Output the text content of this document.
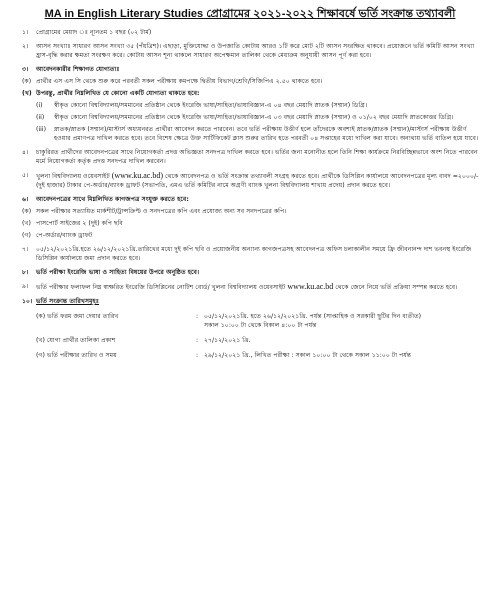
MA in English Literary Studies প্রোগ্রামের ২০২১-২০২২ শিক্ষাবর্ষে ভর্তি সংক্রান্ত তথ্যাবলী
১।	প্রোগ্রামের মেয়াদ ঃ ন্যূনতম ১ বছর (০২ টার্ম)
২।	আসন সংখ্যাঃ সাধারণ আসন সংখ্যা ৩৫ (পঁয়ত্রিশ)। এছাড়া, মুক্তিযোদ্ধা ও উপজাতি কোটায় আরও ১টি করে মোট ২টি আসন সংরক্ষিত থাকবে। প্রয়োজনে ভর্তি কমিটি আসন সংখ্যা হ্রাস-বৃদ্ধি করার ক্ষমতা সংরক্ষণ করে। কোটায় আসন শূন্য থাকলে সাধারণ অপেক্ষমান তালিকা থেকে মেধাক্রম অনুযায়ী আসন পূর্ণ করা হবে।
৩।	আবেদনকারীর শিক্ষাগত যোগ্যতাঃ
(ক) প্রার্থীর এস এস সি থেকে শুরু করে পরবর্তী সকল পরীক্ষায় কমপক্ষে দ্বিতীয় বিভাগ/শ্রেণি/সিজিপিএ ২.৫০ থাকতে হবে।
(খ) উপরন্তু, প্রার্থীর নিম্নলিখিত যে কোনো একটি যোগ্যতা থাকতে হবে:
(i)	স্বীকৃত কোনো বিশ্ববিদ্যালয়/সমমানের প্রতিষ্ঠান থেকে ইংরেজি ভাষা/সাহিত্য/ভাষাবিজ্ঞান-এ ০৪ বছর মেয়াদি স্নাতক (সম্মান) ডিগ্রি।
(ii)	স্বীকৃত কোনো বিশ্ববিদ্যালয়/সমমানের প্রতিষ্ঠান থেকে ইংরেজি ভাষা/সাহিত্য/ভাষাবিজ্ঞান-এ ০৩ বছর মেয়াদি স্নাতক (সম্মান) ও ০১/০২ বছর মেয়াদি স্নাতকোত্তর ডিগ্রি।
(iii)	স্নাতক/স্নাতক (সম্মান)/মাস্টার্স অধ্যয়নরত প্রার্থীরা আবেদন করতে পারবেন। তবে ভর্তি পরীক্ষায় উত্তীর্ণ হলে তাঁদেরকে অবশ্যই স্নাতক/স্নাতক (সম্মান)/মাস্টার্স পরীক্ষায় উত্তীর্ণ হওয়ার প্রমাণপত্র দাখিল করতে হবে। তবে বিশেষ ক্ষেত্রে উক্ত সার্টিফিকেট ক্লাস শুরুর তারিখ হতে পরবর্তী ০৪ সপ্তাহের মধ্যে দাখিল করা যাবে। অন্যথায় ভর্তি বাতিল হয়ে যাবে।
৪।	চাকুরিরত প্রার্থীদের আবেদনপত্রের সাথে নিয়োগকর্তা প্রদত্ত অভিজ্ঞতা সনদপত্র দাখিল করতে হবে। ভর্তির জন্য মনোনীত হলে তিনি শিক্ষা কার্যক্রমে নিরবিচ্ছিন্নভাবে অংশ নিতে পারবেন মর্মে নিয়োগকর্তা কর্তৃক প্রদত্ত সনদপত্র দাখিল করবেন।
৫।	খুলনা বিশ্ববিদ্যালয় ওয়েবসাইট (www.ku.ac.bd) থেকে আবেদনপত্র ও ভর্তি সংক্রান্ত তথ্যাবলী সংগ্রহ করতে হবে। প্রার্থীকে ডিসিপ্লিন কার্যালয়ে আবেদনপত্রের মূল্য বাবদ =২০০০/- (দুই হাজার) টাকার পে-অর্ডার/ব্যাংক ড্রাফট (সভাপতি, এমএ ভর্তি কমিটির নামে অগ্রণী ব্যাংক খুলনা বিশ্ববিদ্যালয় শাখায় প্রদেয়) প্রদান করতে হবে।
৬।	আবেদনপত্রের সাথে মিম্নলিখিত কাগজপত্র সংযুক্ত করতে হবে:
(ক) সকল পরীক্ষার সত্যায়িত মার্কশীট/ট্রান্সক্রিপ্ট ও সনদপত্রের কপি এবং প্রযোজ্য অন্য সব সনদপত্রের কপি।
(খ) পাসপোর্ট সাইজের ২ (দুই) কপি ছবি
(গ) পে-অর্ডার/ব্যাংক ড্রাফট
৭।	০৫/১২/২০২১খ্রি.হতে ২৬/১২/২০২১খ্রি.তারিখের মধ্যে দুই কপি ছবি ও প্রয়োজনীয় অন্যান্য কাগজপত্রসহ আবেদনপত্র অফিস চলাকালীন সময়ে ফ্রি জীবনানন্দ দাশ ভবনস্থ ইংরেজি ডিসিপ্লিন কার্যালয়ে জমা প্রদান করতে হবে।
৮।	ভর্তি পরীক্ষা ইংরেজি ভাষা ও সাহিত্য বিষয়ের উপরে অনুষ্ঠিত হবে।
৯।	ভর্তি পরীক্ষার ফলাফল নিম্ন স্বাক্ষরিত ইংরেজি ডিসিপ্লিনের নোটিশ বোর্ড/ খুলনা বিশ্ববিদ্যালয় ওয়েবসাইট www.ku.ac.bd থেকে জেনে নিয়ে ভর্তি প্রক্রিয়া সম্পন্ন করতে হবে।
১০। ভর্তি সংক্রান্ত তারিখসমূহঃ
(ক) ভর্তি ফরম জমা দেয়ার তারিখ	: ০৫/১২/২০২১খ্রি. হতে ২৬/১২/২০২১খ্রি. পর্যন্ত (সাপ্তাহিক ও সরকারী ছুটির দিন ব্যতীত)
সকাল ১০:০০ টা থেকে বিকাল ৪:০০ টা পর্যন্ত
(খ) যোগ্য প্রার্থীর তালিকা প্রকাশ	: ২৭/১২/২০২১ খ্রি.
(গ) ভর্তি পরীক্ষার তারিখ ও সময়	: ২৯/১২/২০২১ খ্রি., লিখিত পরীক্ষা : সকাল ১০:০০ টা থেকে সকাল ১১:০০ টা পর্যন্ত
